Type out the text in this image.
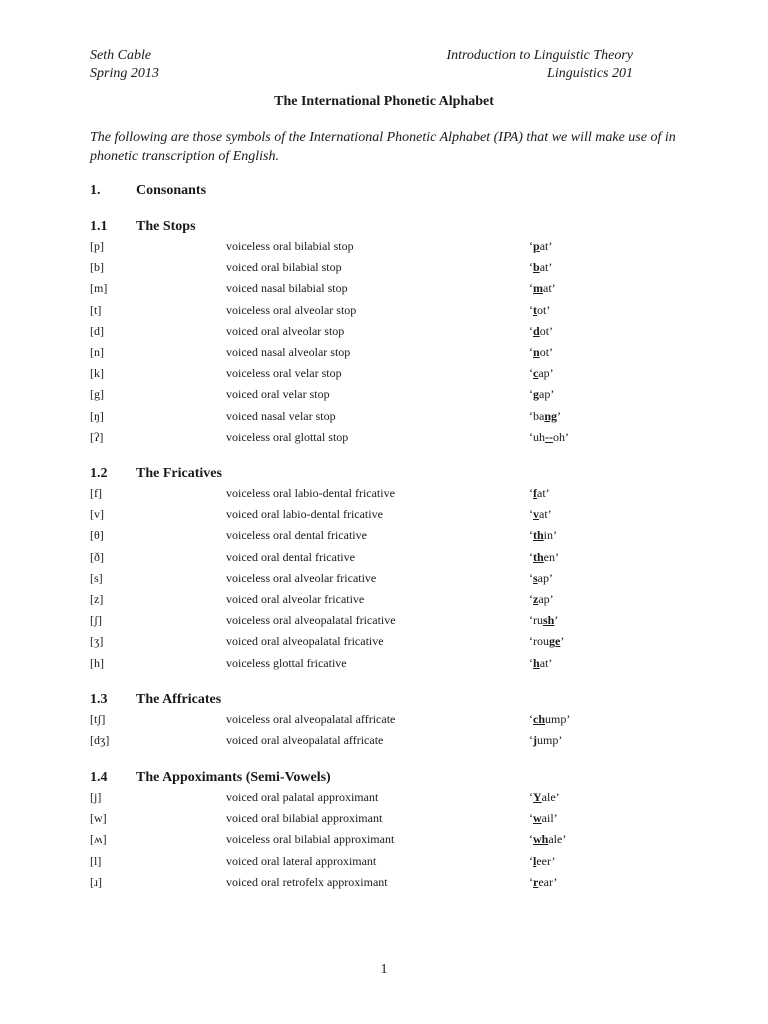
Seth Cable
Spring 2013
Introduction to Linguistic Theory
Linguistics 201
The International Phonetic Alphabet
The following are those symbols of the International Phonetic Alphabet (IPA) that we will make use of in phonetic transcription of English.
1.	Consonants
1.1 The Stops
[p]	voiceless oral bilabial stop	‘pat’
[b]	voiced oral bilabial stop	‘bat’
[m]	voiced nasal bilabial stop	‘mat’
[t]	voiceless oral alveolar stop	‘tot’
[d]	voiced oral alveolar stop	‘dot’
[n]	voiced nasal alveolar stop	‘not’
[k]	voiceless oral velar stop	‘cap’
[g]	voiced oral velar stop	‘gap’
[ŋ]	voiced nasal velar stop	‘bang’
[ʔ]	voiceless oral glottal stop	‘uh--oh’
1.2 The Fricatives
[f]	voiceless oral labio-dental fricative	‘fat’
[v]	voiced oral labio-dental fricative	‘vat’
[θ]	voiceless oral dental fricative	‘thin’
[ð]	voiced oral dental fricative	‘then’
[s]	voiceless oral alveolar fricative	‘sap’
[z]	voiced oral alveolar fricative	‘zap’
[ʃ]	voiceless oral alveopalatal fricative	‘rush’
[ʒ]	voiced oral alveopalatal fricative	‘rouge’
[h]	voiceless glottal fricative	‘hat’
1.3 The Affricates
[tʃ]	voiceless oral alveopalatal affricate	‘chump’
[dʒ]	voiced oral alveopalatal affricate	‘jump’
1.4 The Appoximants (Semi-Vowels)
[j]	voiced oral palatal approximant	‘Yale’
[w]	voiced oral bilabial approximant	‘wail’
[ʍ]	voiceless oral bilabial approximant	‘whale’
[l]	voiced oral lateral approximant	‘leer’
[ɹ]	voiced oral retrofelx approximant	‘rear’
1
